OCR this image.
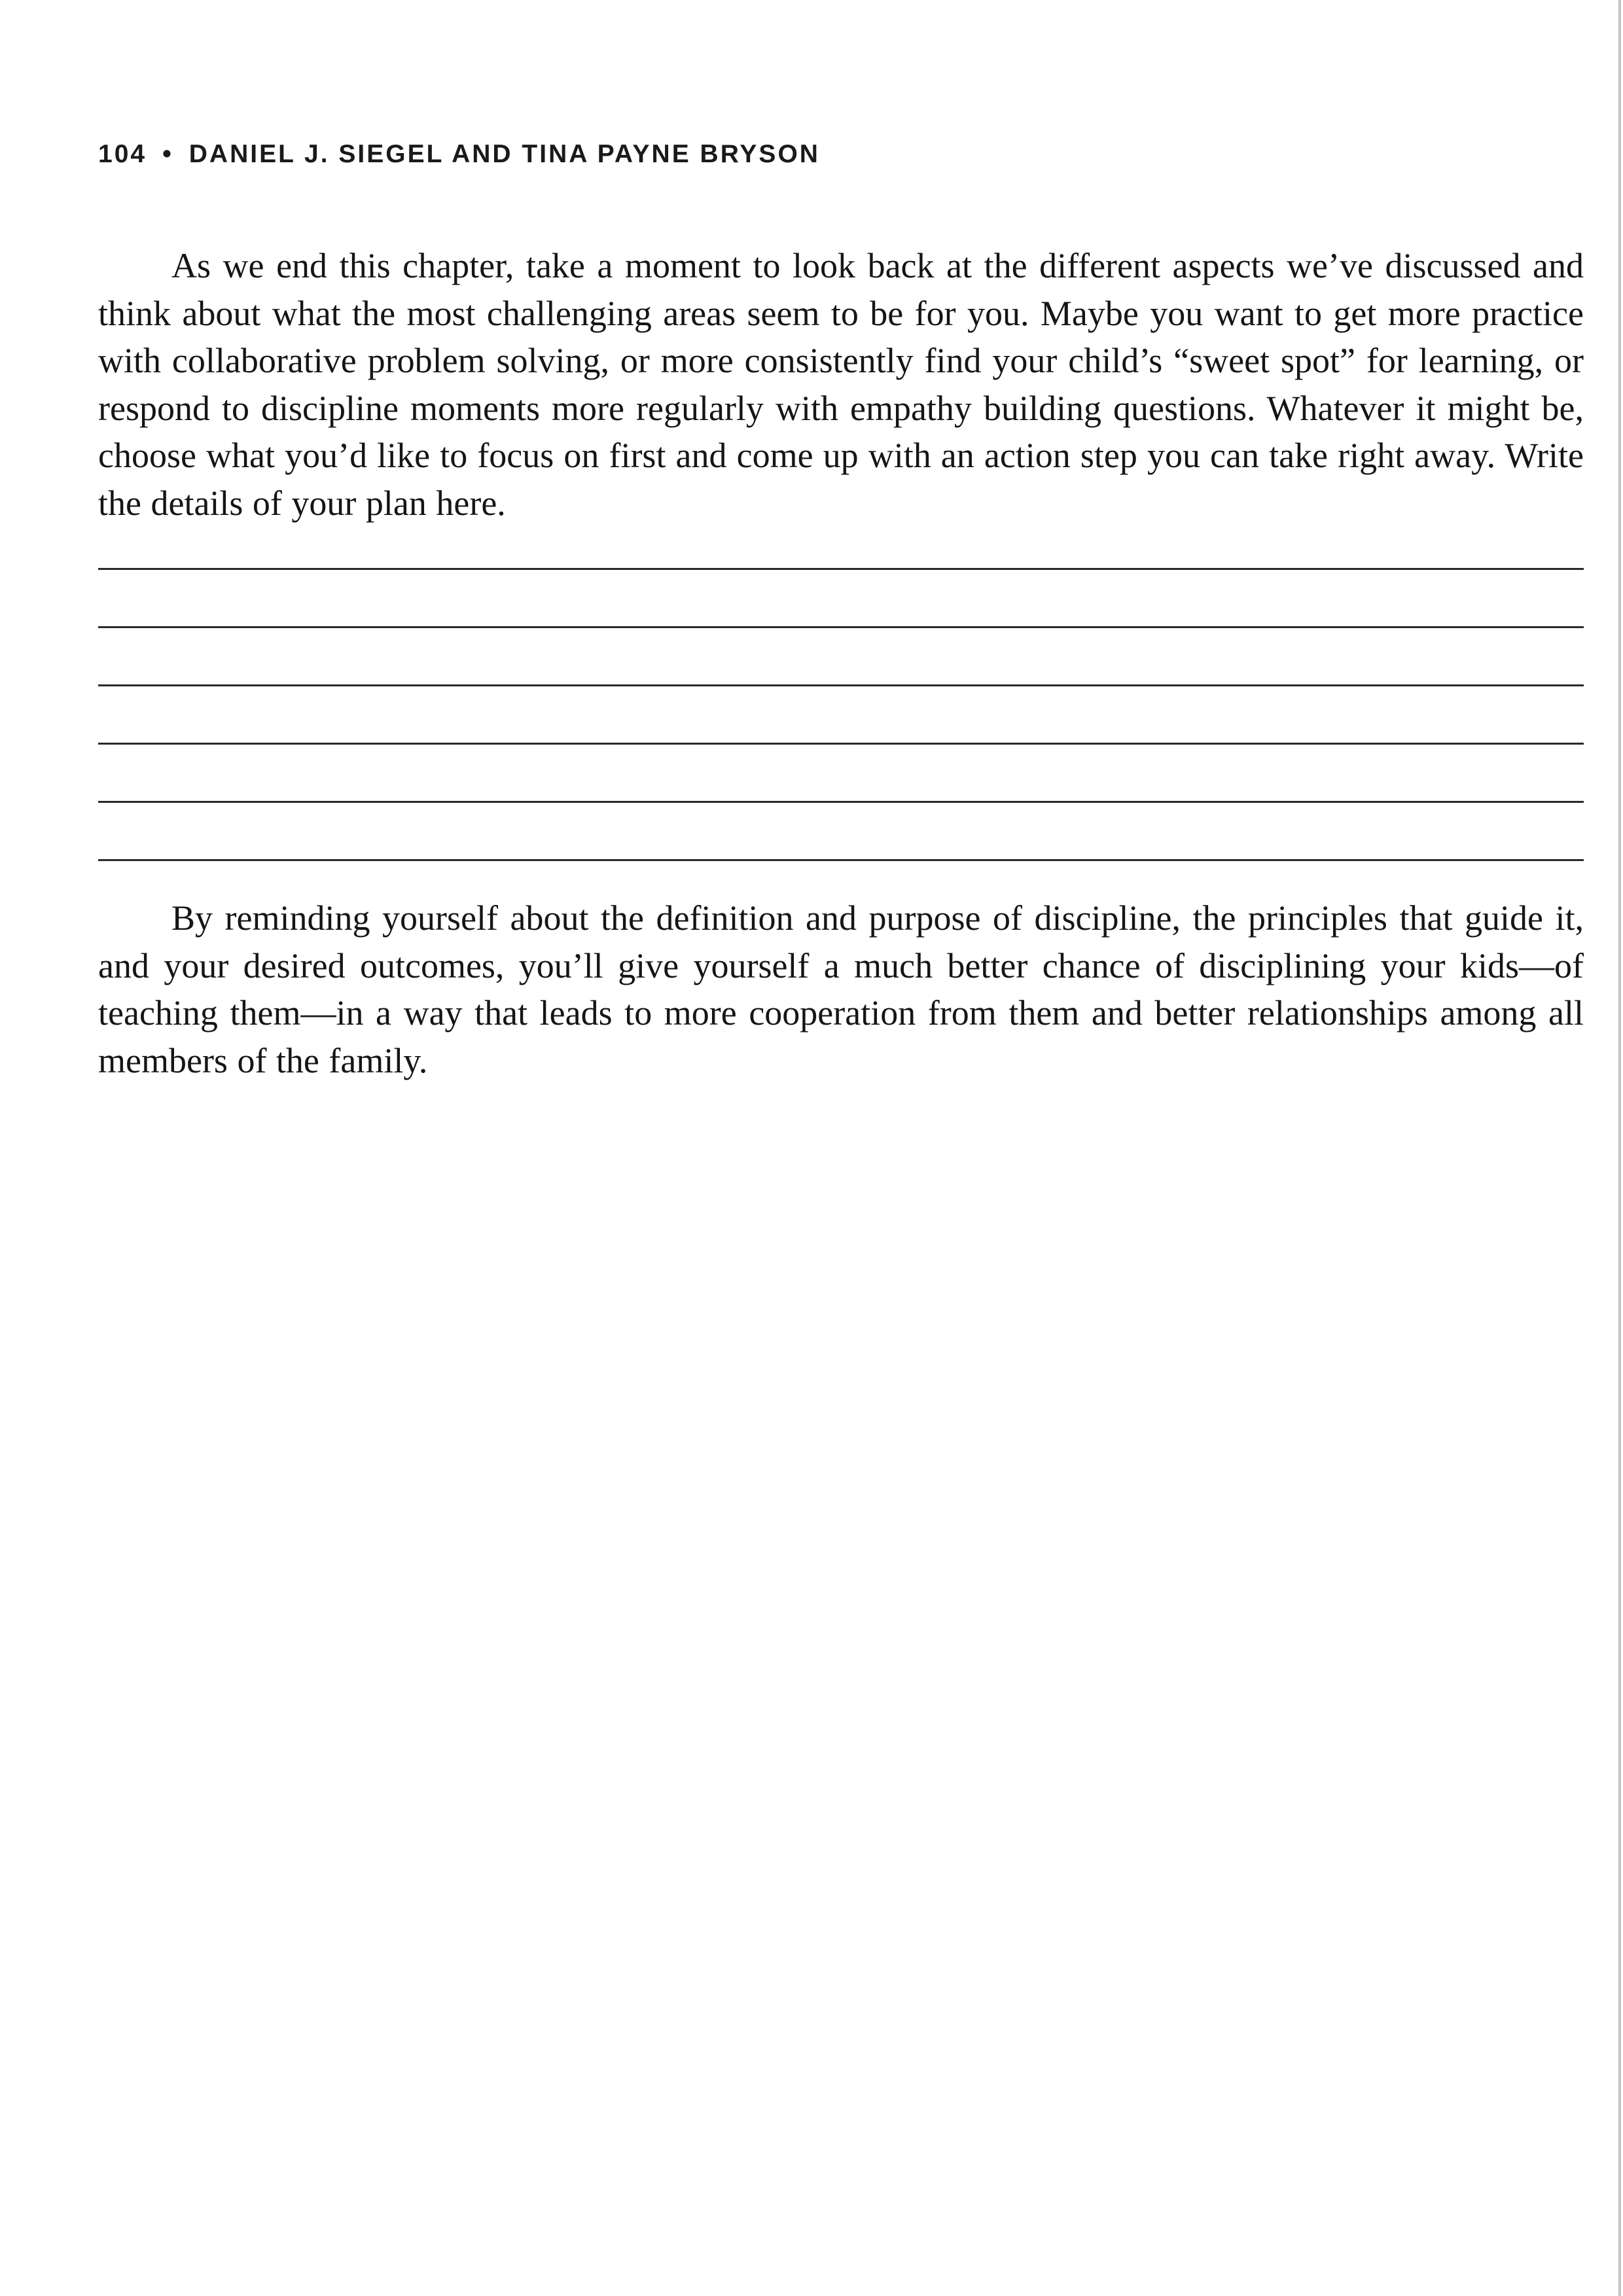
104 • DANIEL J. SIEGEL AND TINA PAYNE BRYSON

As we end this chapter, take a moment to look back at the different aspects we’ve discussed and think about what the most challenging areas seem to be for you. Maybe you want to get more practice with collaborative problem solving, or more consistently find your child’s “sweet spot” for learning, or respond to discipline moments more regularly with empathy building questions. Whatever it might be, choose what you’d like to focus on first and come up with an action step you can take right away. Write the details of your plan here.

By reminding yourself about the definition and purpose of discipline, the principles that guide it, and your desired outcomes, you’ll give yourself a much better chance of disciplining your kids—of teaching them—in a way that leads to more cooperation from them and better relationships among all members of the family.
